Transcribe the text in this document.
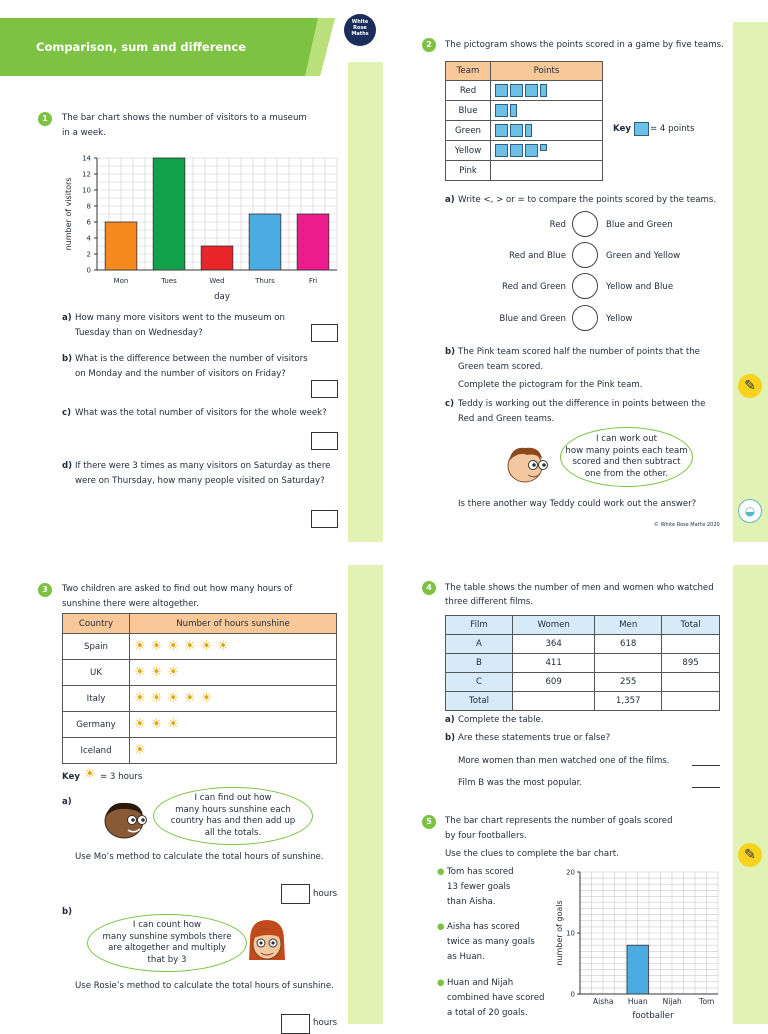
Comparison, sum and difference
White
Rose
Maths
✎
◒
✎
1	The bar chart shows the number of visitors to a museum
in a week.
0
2
4
6
8
10
12
14
Mon	Tues	Wed	Thurs	Fri
day
number of visitors
a) How many more visitors went to the museum on
Tuesday than on Wednesday?
b) What is the difference between the number of visitors
on Monday and the number of visitors on Friday?
c) What was the total number of visitors for the whole week?
d) If there were 3 times as many visitors on Saturday as there
were on Thursday, how many people visited on Saturday?
2	The pictogram shows the points scored in a game by five teams.
Team	Points
Red	

Blue	

Green	

Yellow	

Pink	
Key = 4 points
a) Write <, > or = to compare the points scored by the teams.
Red	Blue and Green
Red and Blue	Green and Yellow
Red and Green	Yellow and Blue
Blue and Green	Yellow
b) The Pink team scored half the number of points that the
Green team scored.
Complete the pictogram for the Pink team.
c) Teddy is working out the difference in points between the
Red and Green teams.
I can work out
how many points each team
scored and then subtract
one from the other.
Is there another way Teddy could work out the answer?
© White Rose Maths 2020
3	Two children are asked to find out how many hours of
sunshine there were altogether.
Country	Number of hours sunshine
Spain	☀ ☀ ☀ ☀ ☀ ☀
UK	☀ ☀ ☀
Italy	☀ ☀ ☀ ☀ ☀
Germany	☀ ☀ ☀
Iceland	☀
Key ☀ = 3 hours
a)	I can find out how
many hours sunshine each
country has and then add up
all the totals.
Use Mo’s method to calculate the total hours of sunshine.
hours
b)
I can count how
many sunshine symbols there
are altogether and multiply
that by 3
Use Rosie’s method to calculate the total hours of sunshine.
hours
4	The table shows the number of men and women who watched
three different films.
Film	Women	Men	Total
A	364	618	
B	411		895
C	609	255	
Total		1,357	
a) Complete the table.
b) Are these statements true or false?
More women than men watched one of the films.
Film B was the most popular.
5	The bar chart represents the number of goals scored
by four footballers.
Use the clues to complete the bar chart.
● Tom has scored
13 fewer goals
than Aisha.
● Aisha has scored
twice as many goals
as Huan.
● Huan and Nijah
combined have scored
a total of 20 goals.
0
10
20
Aisha Huan Nijah Tom
footballer
number of goals
